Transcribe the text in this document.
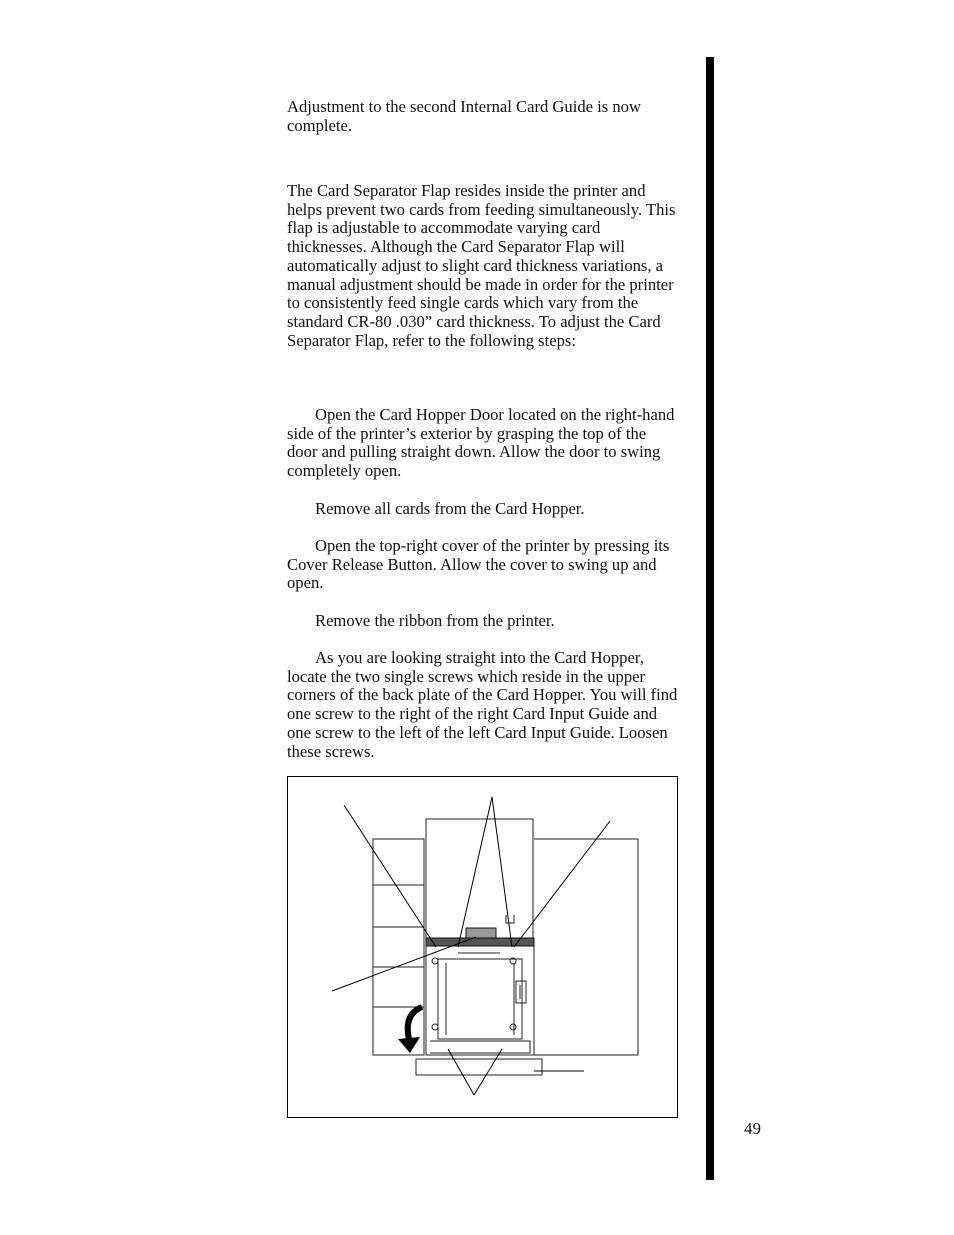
Adjustment to the second Internal Card Guide is now complete.

The Card Separator Flap resides inside the printer and helps prevent two cards from feeding simultaneously. This flap is adjustable to accommodate varying card thicknesses. Although the Card Separator Flap will automatically adjust to slight card thickness variations, a manual adjustment should be made in order for the printer to consistently feed single cards which vary from the standard CR-80 .030” card thickness. To adjust the Card Separator Flap, refer to the following steps:

Open the Card Hopper Door located on the right-hand side of the printer’s exterior by grasping the top of the door and pulling straight down. Allow the door to swing completely open.

Remove all cards from the Card Hopper.

Open the top-right cover of the printer by pressing its Cover Release Button. Allow the cover to swing up and open.

Remove the ribbon from the printer.

As you are looking straight into the Card Hopper, locate the two single screws which reside in the upper corners of the back plate of the Card Hopper. You will find one screw to the right of the right Card Input Guide and one screw to the left of the left Card Input Guide. Loosen these screws.

49
